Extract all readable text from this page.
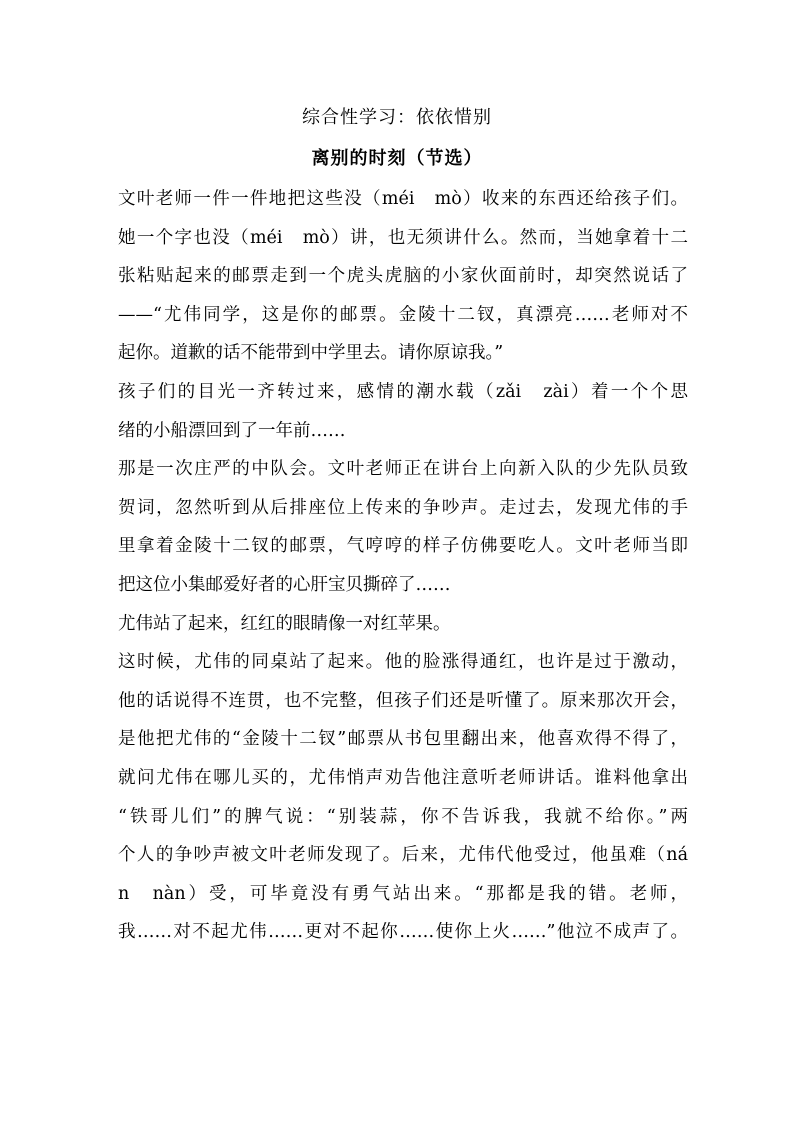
综合性学习：依依惜别
离别的时刻（节选）
文叶老师一件一件地把这些没（méi　mò）收来的东西还给孩子们。
她一个字也没（méi　mò）讲，也无须讲什么。然而，当她拿着十二
张粘贴起来的邮票走到一个虎头虎脑的小家伙面前时，却突然说话了
——“尤伟同学，这是你的邮票。金陵十二钗，真漂亮……老师对不
起你。道歉的话不能带到中学里去。请你原谅我。”
孩子们的目光一齐转过来，感情的潮水载（zǎi　zài）着一个个思
绪的小船漂回到了一年前……
那是一次庄严的中队会。文叶老师正在讲台上向新入队的少先队员致
贺词，忽然听到从后排座位上传来的争吵声。走过去，发现尤伟的手
里拿着金陵十二钗的邮票，气哼哼的样子仿佛要吃人。文叶老师当即
把这位小集邮爱好者的心肝宝贝撕碎了……
尤伟站了起来，红红的眼睛像一对红苹果。
这时候，尤伟的同桌站了起来。他的脸涨得通红，也许是过于激动，
他的话说得不连贯，也不完整，但孩子们还是听懂了。原来那次开会，
是他把尤伟的“金陵十二钗”邮票从书包里翻出来，他喜欢得不得了，
就问尤伟在哪儿买的，尤伟悄声劝告他注意听老师讲话。谁料他拿出
“铁哥儿们”的脾气说：“别装蒜，你不告诉我，我就不给你。”两
个人的争吵声被文叶老师发现了。后来，尤伟代他受过，他虽难（ná
n　nàn）受，可毕竟没有勇气站出来。“那都是我的错。老师，
我……对不起尤伟……更对不起你……使你上火……”他泣不成声了。
